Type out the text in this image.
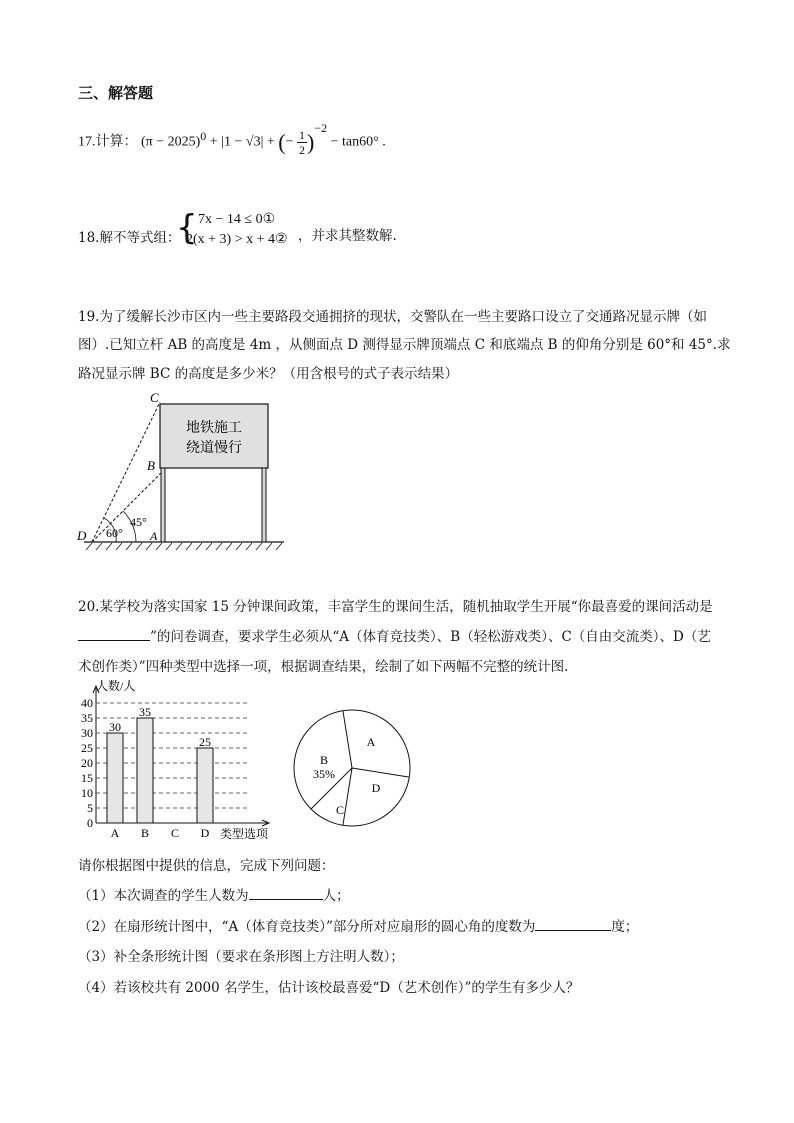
三、解答题
17.计算： $(\pi - 2025)^0 + |1 - √3|$ + (− $\frac{1}{2} )^{-2} - \tan 60^\circ$ .
18.解不等式组：
{ 7x − 14 ≤ 0①
2(x + 3) > x + 4② ，并求其整数解.
19.为了缓解长沙市区内一些主要路段交通拥挤的现状，交警队在一些主要路口设立了交通路况显示牌（如
图）.已知立杆 AB 的高度是 4m ，从侧面点 D 测得显示牌顶端点 C 和底端点 B 的仰角分别是 60°和 45°.求
路况显示牌 BC 的高度是多少米？（用含根号的式子表示结果）
地铁施工
绕道慢行
C
B
D	A
60°
45°
20.某学校为落实国家 15 分钟课间政策，丰富学生的课间生活，随机抽取学生开展“你最喜爱的课间活动是
”的问卷调查，要求学生必须从“A（体育竞技类）、B（轻松游戏类）、C（自由交流类）、D（艺
术创作类）”四种类型中选择一项，根据调查结果，绘制了如下两幅不完整的统计图.
人数/人
类型选项
0
5
10
15
20
25
30
35
40
30
A
35
B C
25
D
B
35%
A
C
D
请你根据图中提供的信息，完成下列问题：
（1）本次调查的学生人数为	人；
（2）在扇形统计图中，“A（体育竞技类）”部分所对应扇形的圆心角的度数为	度；
（3）补全条形统计图（要求在条形图上方注明人数）；
（4）若该校共有 2000 名学生，估计该校最喜爱“D（艺术创作）”的学生有多少人？
